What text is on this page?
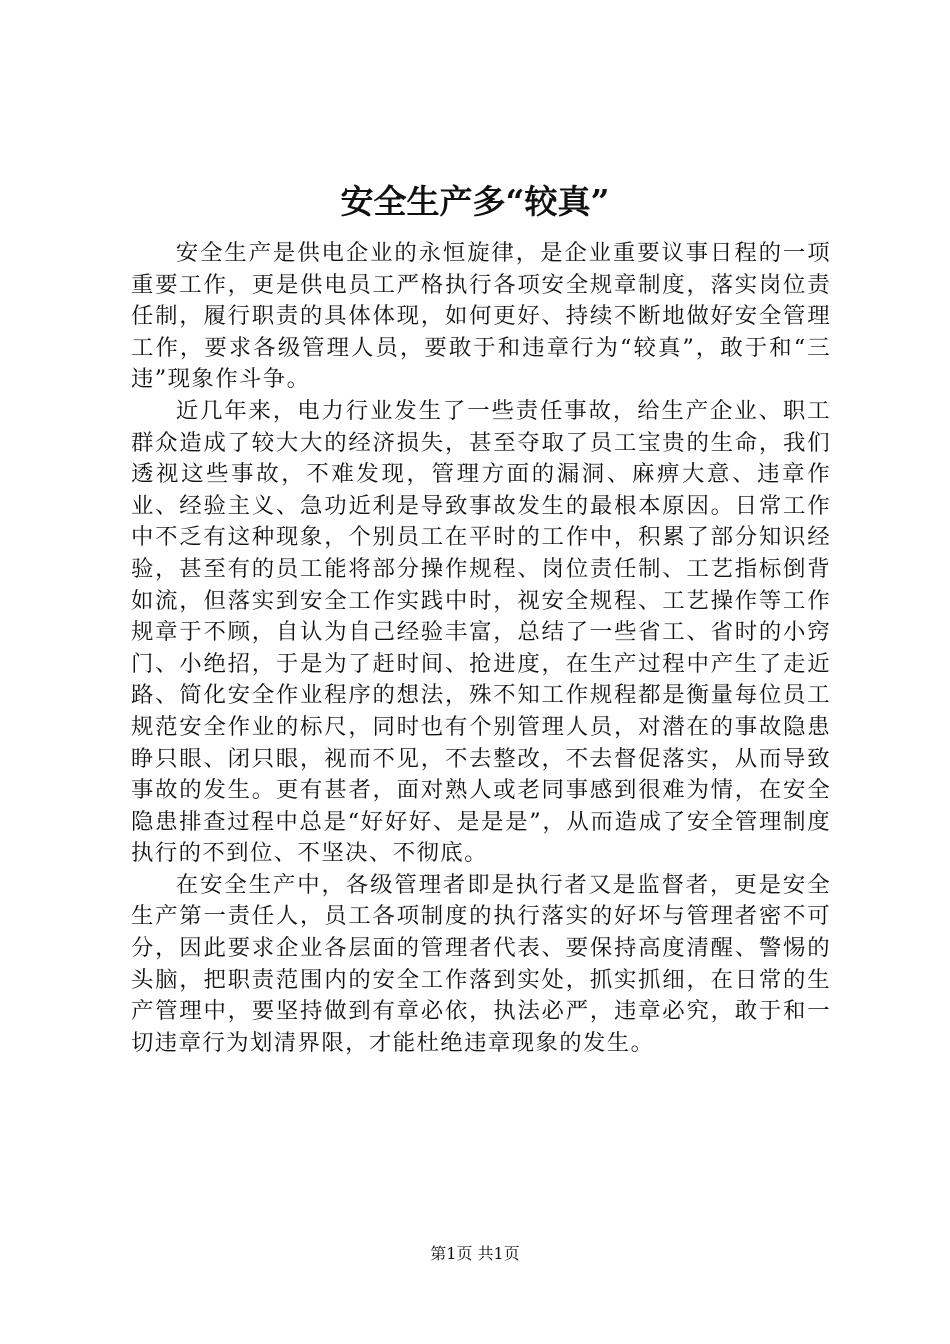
安全生产多“较真”

安全生产是供电企业的永恒旋律，是企业重要议事日程的一项重要工作，更是供电员工严格执行各项安全规章制度，落实岗位责任制，履行职责的具体体现，如何更好、持续不断地做好安全管理工作，要求各级管理人员，要敢于和违章行为“较真”，敢于和“三违”现象作斗争。

近几年来，电力行业发生了一些责任事故，给生产企业、职工群众造成了较大大的经济损失，甚至夺取了员工宝贵的生命，我们透视这些事故，不难发现，管理方面的漏洞、麻痹大意、违章作业、经验主义、急功近利是导致事故发生的最根本原因。日常工作中不乏有这种现象，个别员工在平时的工作中，积累了部分知识经验，甚至有的员工能将部分操作规程、岗位责任制、工艺指标倒背如流，但落实到安全工作实践中时，视安全规程、工艺操作等工作规章于不顾，自认为自己经验丰富，总结了一些省工、省时的小窍门、小绝招，于是为了赶时间、抢进度，在生产过程中产生了走近路、简化安全作业程序的想法，殊不知工作规程都是衡量每位员工规范安全作业的标尺，同时也有个别管理人员，对潜在的事故隐患睁只眼、闭只眼，视而不见，不去整改，不去督促落实，从而导致事故的发生。更有甚者，面对熟人或老同事感到很难为情，在安全隐患排查过程中总是“好好好、是是是”，从而造成了安全管理制度执行的不到位、不坚决、不彻底。

在安全生产中，各级管理者即是执行者又是监督者，更是安全生产第一责任人，员工各项制度的执行落实的好坏与管理者密不可分，因此要求企业各层面的管理者代表、要保持高度清醒、警惕的头脑，把职责范围内的安全工作落到实处，抓实抓细，在日常的生产管理中，要坚持做到有章必依，执法必严，违章必究，敢于和一切违章行为划清界限，才能杜绝违章现象的发生。

第1页 共1页
